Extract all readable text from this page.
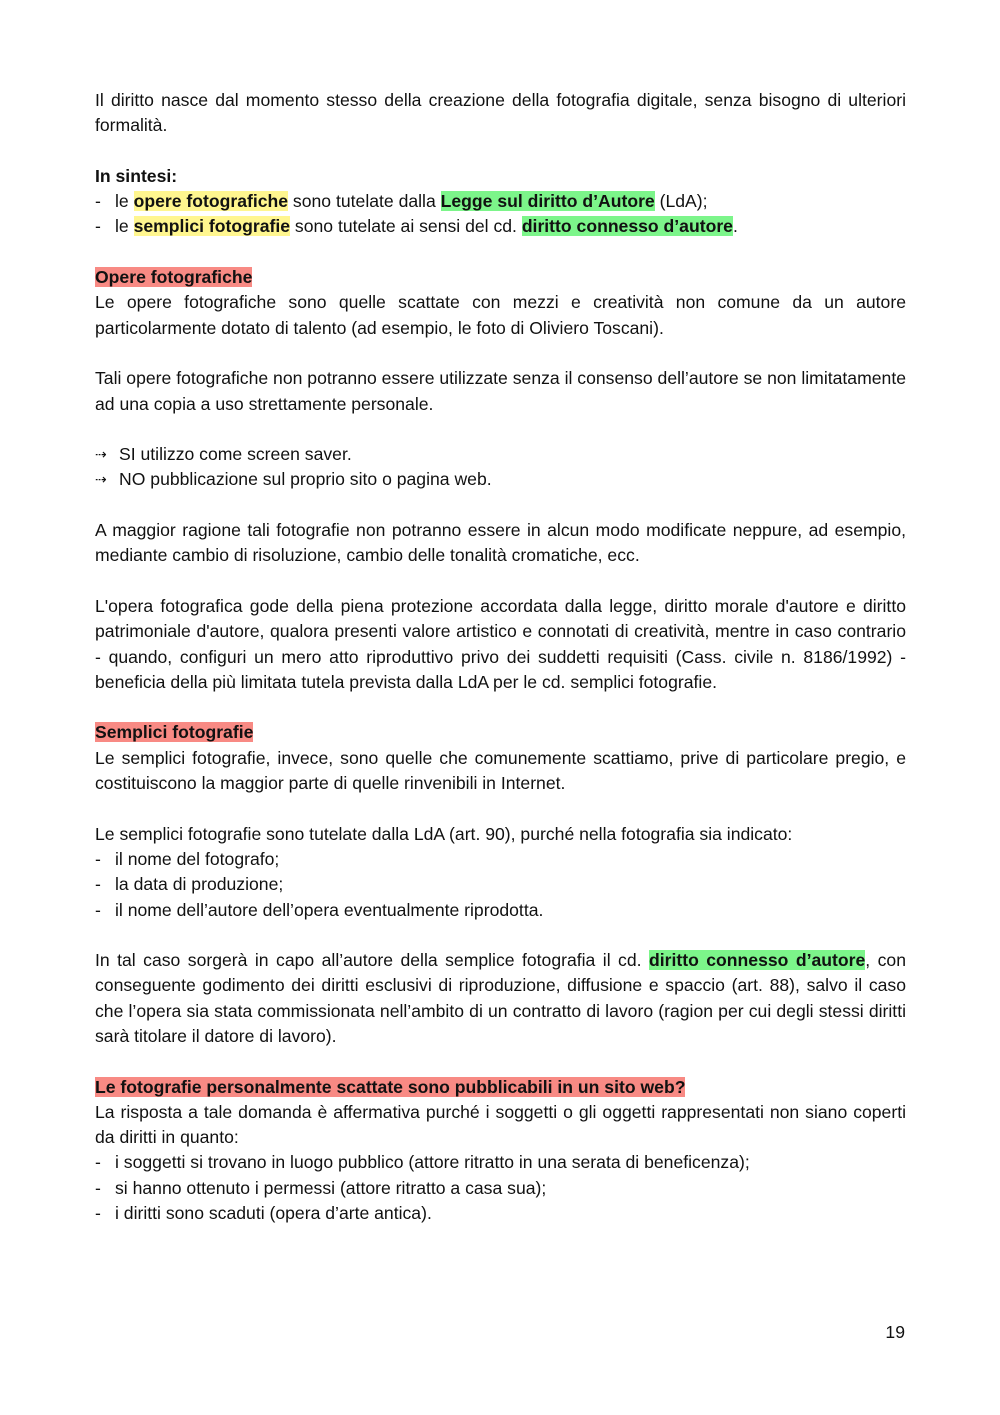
Il diritto nasce dal momento stesso della creazione della fotografia digitale, senza bisogno di ulteriori formalità.

In sintesi:
- le opere fotografiche sono tutelate dalla Legge sul diritto d’Autore (LdA);
- le semplici fotografie sono tutelate ai sensi del cd. diritto connesso d’autore.
Opere fotografiche

Le opere fotografiche sono quelle scattate con mezzi e creatività non comune da un autore particolarmente dotato di talento (ad esempio, le foto di Oliviero Toscani).

Tali opere fotografiche non potranno essere utilizzate senza il consenso dell’autore se non limitatamente ad una copia a uso strettamente personale.

⇢ SI utilizzo come screen saver.
⇢ NO pubblicazione sul proprio sito o pagina web.

A maggior ragione tali fotografie non potranno essere in alcun modo modificate neppure, ad esempio, mediante cambio di risoluzione, cambio delle tonalità cromatiche, ecc.

L'opera fotografica gode della piena protezione accordata dalla legge, diritto morale d'autore e diritto patrimoniale d'autore, qualora presenti valore artistico e connotati di creatività, mentre in caso contrario - quando, configuri un mero atto riproduttivo privo dei suddetti requisiti (Cass. civile n. 8186/1992) - beneficia della più limitata tutela prevista dalla LdA per le cd. semplici fotografie.

Semplici fotografie

Le semplici fotografie, invece, sono quelle che comunemente scattiamo, prive di particolare pregio, e costituiscono la maggior parte di quelle rinvenibili in Internet.

Le semplici fotografie sono tutelate dalla LdA (art. 90), purché nella fotografia sia indicato:

- il nome del fotografo;
- la data di produzione;
- il nome dell’autore dell’opera eventualmente riprodotta.

In tal caso sorgerà in capo all’autore della semplice fotografia il cd. diritto connesso d’autore, con conseguente godimento dei diritti esclusivi di riproduzione, diffusione e spaccio (art. 88), salvo il caso che l’opera sia stata commissionata nell’ambito di un contratto di lavoro (ragion per cui degli stessi diritti sarà titolare il datore di lavoro).

Le fotografie personalmente scattate sono pubblicabili in un sito web?

La risposta a tale domanda è affermativa purché i soggetti o gli oggetti rappresentati non siano coperti da diritti in quanto:

- i soggetti si trovano in luogo pubblico (attore ritratto in una serata di beneficenza);
- si hanno ottenuto i permessi (attore ritratto a casa sua);
- i diritti sono scaduti (opera d’arte antica).
19
